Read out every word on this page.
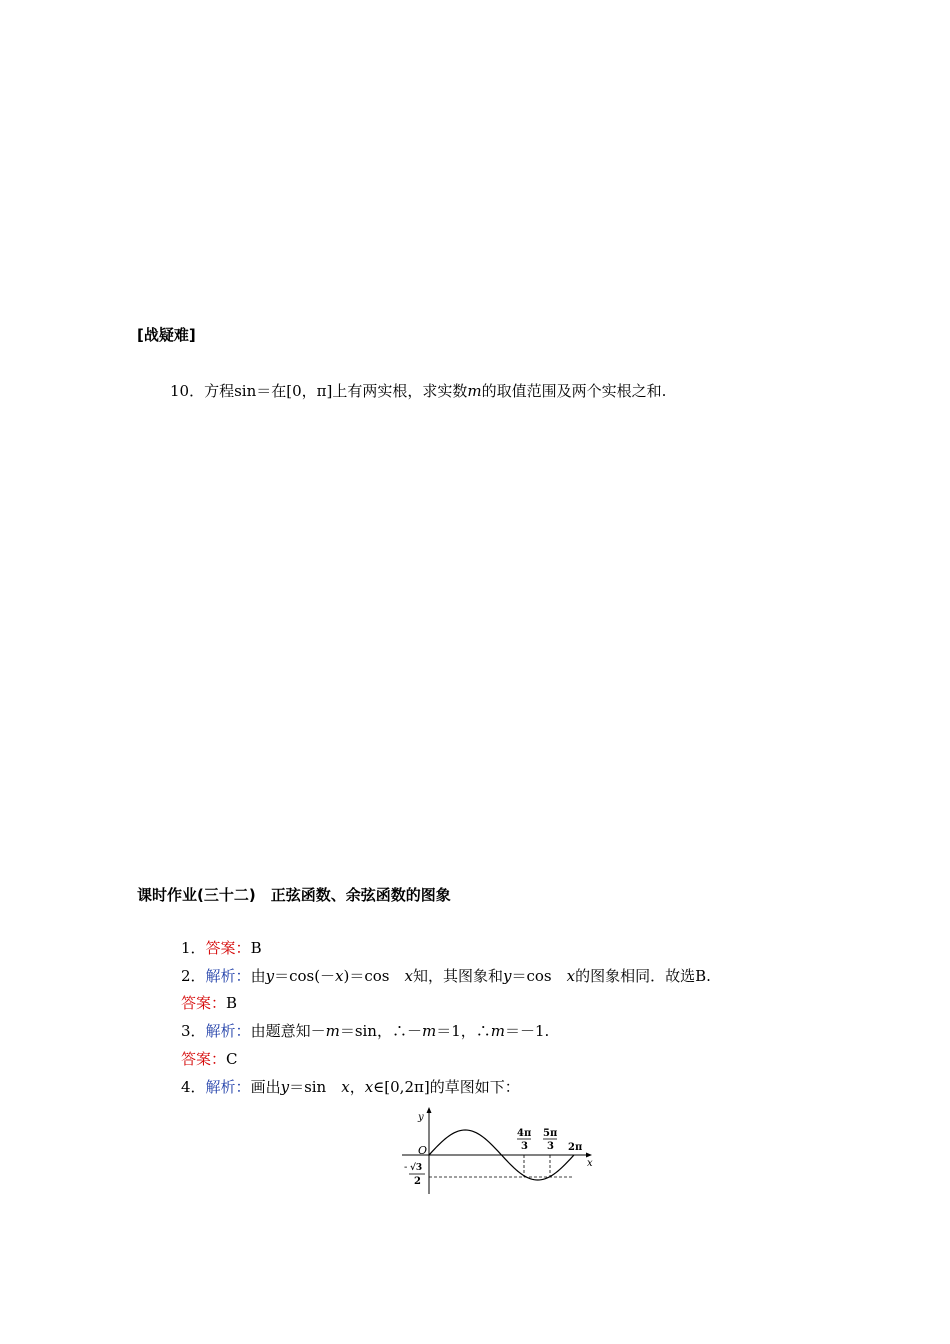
[战疑难]
10．方程sin＝在[0，π]上有两实根，求实数m的取值范围及两个实根之和.
课时作业(三十二)　正弦函数、余弦函数的图象
1．答案：B
2．解析：由y＝cos(－x)＝cos　x知，其图象和y＝cos　x的图象相同．故选B.
答案：B
3．解析：由题意知－m＝sin，∴－m＝1，∴m＝－1.
答案：C
4．解析：画出y＝sin　x，x∈[0,2π]的草图如下：
y
x
O
4π
3
5π
3 2π
- √3
2
